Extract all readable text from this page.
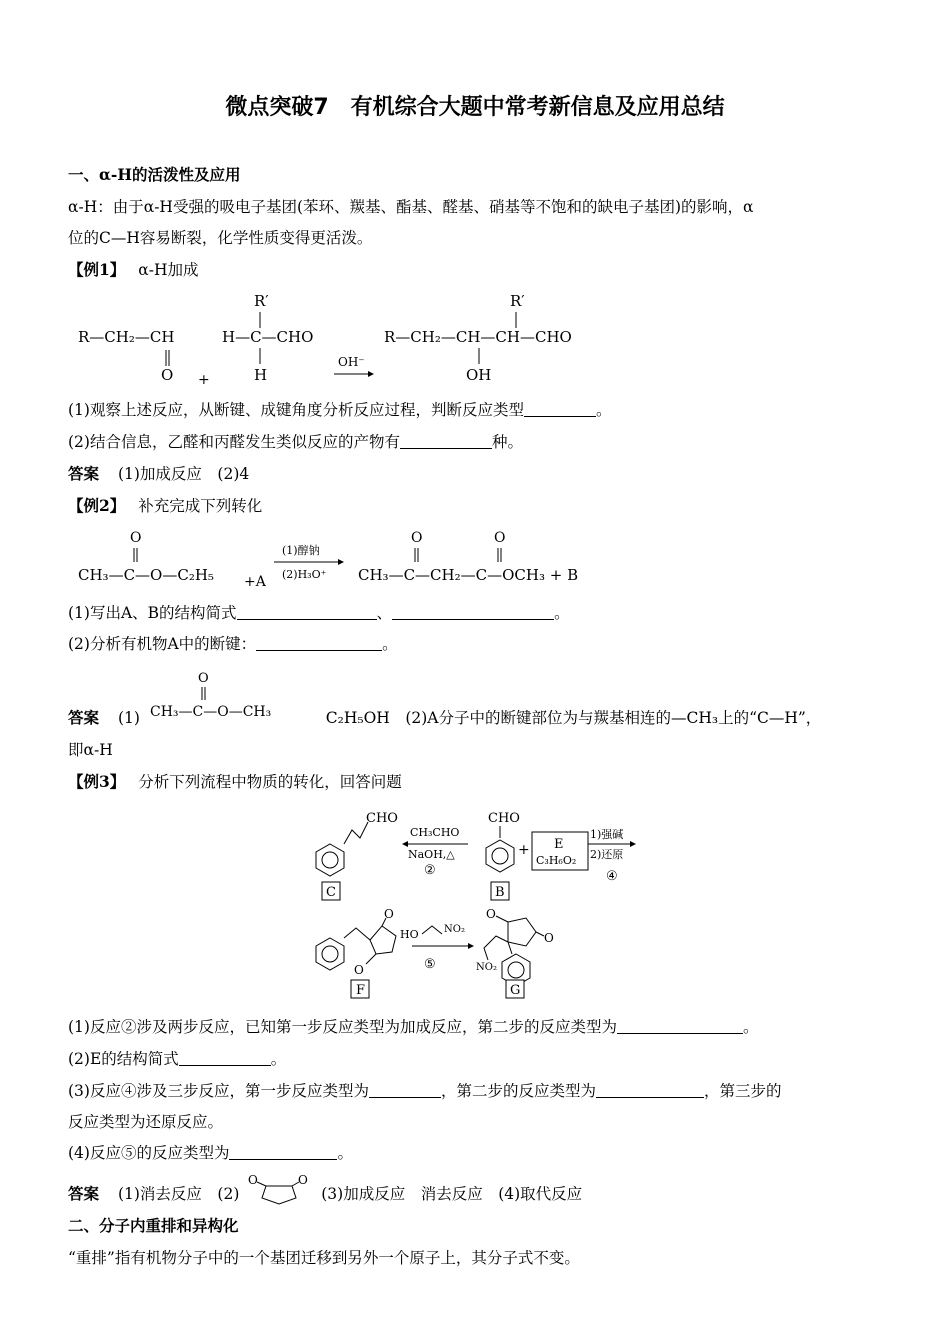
微点突破7　有机综合大题中常考新信息及应用总结
一、α-H的活泼性及应用
α-H：由于α-H受强的吸电子基团(苯环、羰基、酯基、醛基、硝基等不饱和的缺电子基团)的影响，α
位的C—H容易断裂，化学性质变得更活泼。
【例1】 α-H加成
R—CH₂—CH
O +
R′
H—C—CHO
H
OH⁻
R′
R—CH₂—CH—CH—CHO
OH
(1)观察上述反应，从断键、成键角度分析反应过程，判断反应类型	。
(2)结合信息，乙醛和丙醛发生类似反应的产物有	种。
答案 (1)加成反应　(2)4
【例2】 补充完成下列转化
O
CH₃—C—O—C₂H₅ +A
(1)醇钠
(2)H₃O⁺
O	O
CH₃—C—CH₂—C—OCH₃ + B
(1)写出A、B的结构简式	、	。
(2)分析有机物A中的断键：	。
答案 (1)	C₂H₅OH　(2)A分子中的断键部位为与羰基相连的—CH₃上的“C—H”，
O
CH₃—C—O—CH₃
即α-H
【例3】 分析下列流程中物质的转化，回答问题
CHO
C
CH₃CHO
NaOH,△
②
CHO
B
+ E
C₃H₆O₂
1)强碱
2)还原
④
O
O
F
HO	NO₂
⑤
O
O
NO₂
G
(1)反应②涉及两步反应，已知第一步反应类型为加成反应，第二步的反应类型为	。
(2)E的结构简式	。
(3)反应④涉及三步反应，第一步反应类型为	，第二步的反应类型为	，第三步的
反应类型为还原反应。
(4)反应⑤的反应类型为	。
答案 (1)消去反应　(2)	(3)加成反应　消去反应　(4)取代反应
O	O
二、分子内重排和异构化
“重排”指有机物分子中的一个基团迁移到另外一个原子上，其分子式不变。
